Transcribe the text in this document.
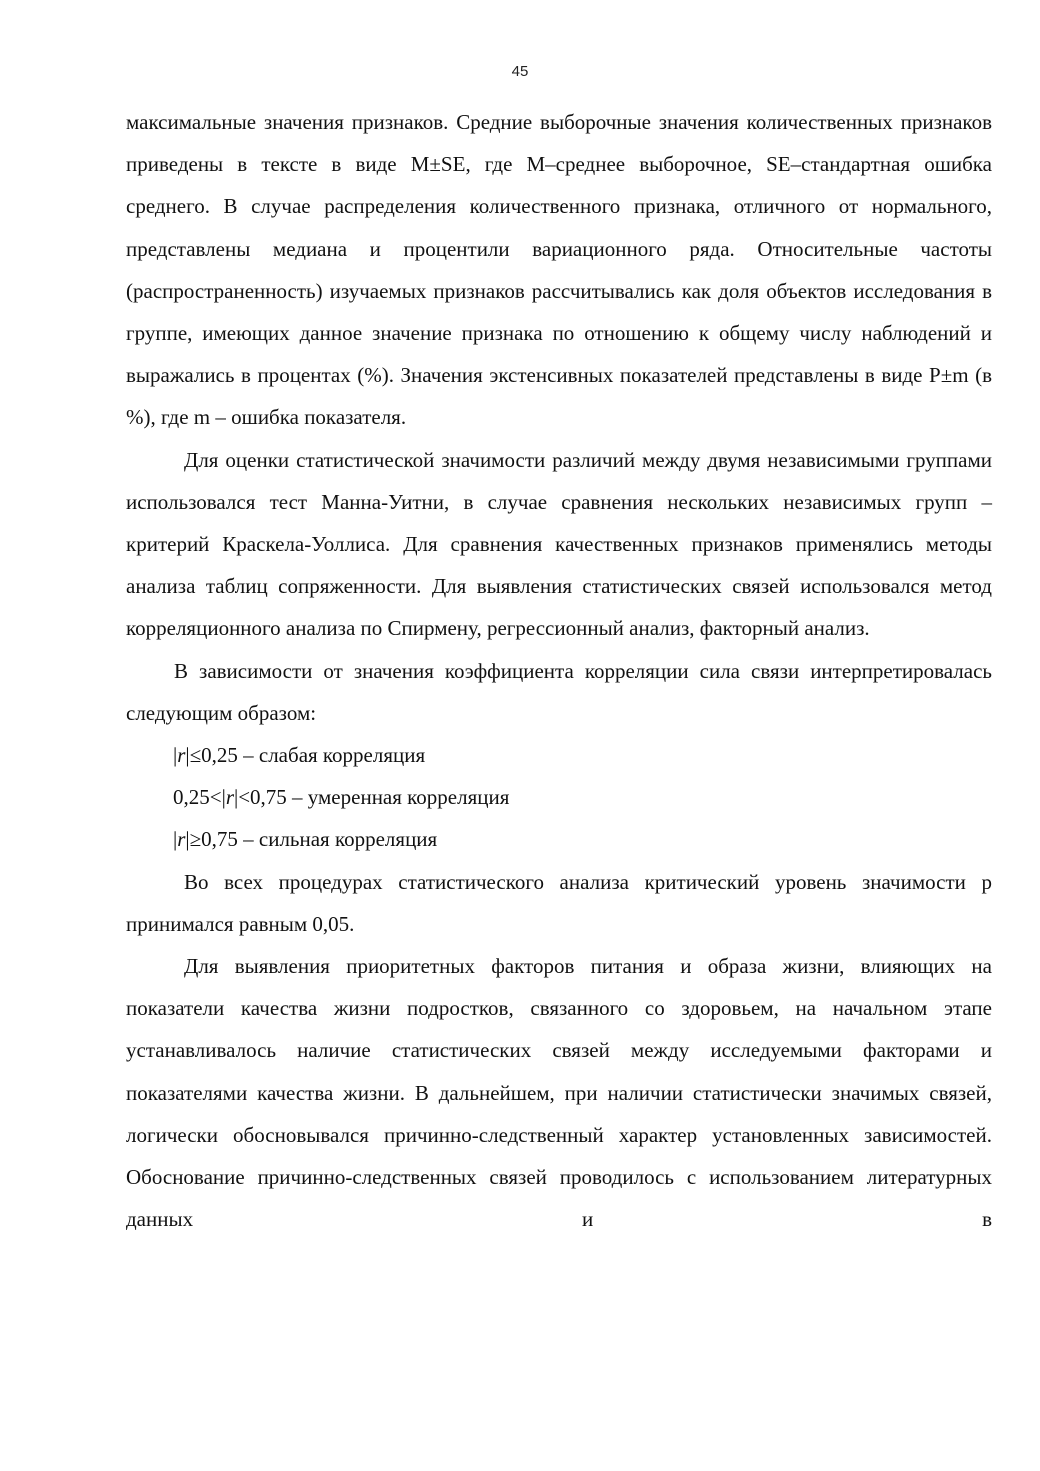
45

максимальные значения признаков. Средние выборочные значения количественных признаков приведены в тексте в виде M±SE, где M–среднее выборочное, SE–стандартная ошибка среднего. В случае распределения количественного признака, отличного от нормального, представлены медиана и процентили вариационного ряда. Относительные частоты (распространенность) изучаемых признаков рассчитывались как доля объектов исследования в группе, имеющих данное значение признака по отношению к общему числу наблюдений и выражались в процентах (%). Значения экстенсивных показателей представлены в виде P±m (в %), где m – ошибка показателя.

Для оценки статистической значимости различий между двумя независимыми группами использовался тест Манна-Уитни, в случае сравнения нескольких независимых групп – критерий Краскела-Уоллиса. Для сравнения качественных признаков применялись методы анализа таблиц сопряженности. Для выявления статистических связей использовался метод корреляционного анализа по Спирмену, регрессионный анализ, факторный анализ.

В зависимости от значения коэффициента корреляции сила связи интерпретировалась следующим образом:

|r|≤0,25 – слабая корреляция

0,25<|r|<0,75 – умеренная корреляция

|r|≥0,75 – сильная корреляция

Во всех процедурах статистического анализа критический уровень значимости p принимался равным 0,05.

Для выявления приоритетных факторов питания и образа жизни, влияющих на показатели качества жизни подростков, связанного со здоровьем, на начальном этапе устанавливалось наличие статистических связей между исследуемыми факторами и показателями качества жизни. В дальнейшем, при наличии статистически значимых связей, логически обосновывался причинно-следственный характер установленных зависимостей. Обоснование причинно-следственных связей проводилось с использованием литературных данных и в
